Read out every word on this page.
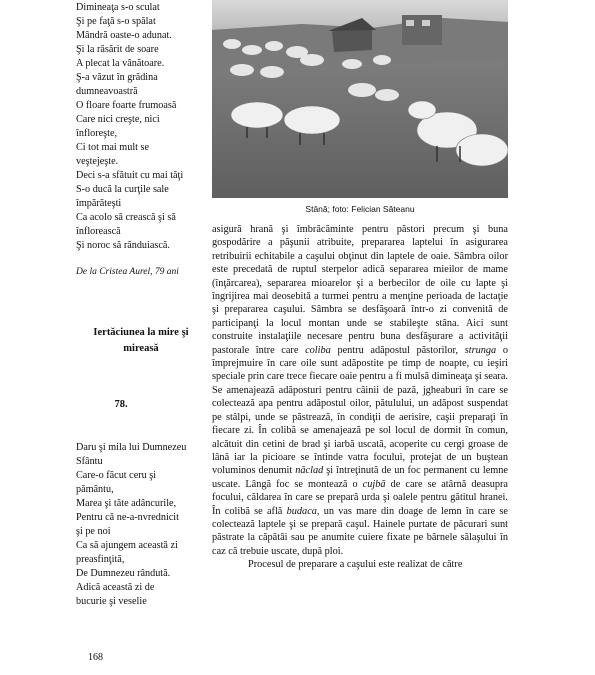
Dimineaţa s-o sculat
Şi pe faţă s-o spălat
Mândră oaste-o adunat.
Şi la răsărit de soare
A plecat la vânătoare.
Ş-a văzut în grădina
dumneavoastră
O floare foarte frumoasă
Care nici creşte, nici
înfloreşte,
Ci tot mai mult se
veştejeşte.
Deci s-a sfătuit cu mai tăţi
S-o ducă la curţile sale
împărăteşti
Ca acolo să crească şi să
înflorească
Şi noroc să rânduiască.
De la Cristea Aurel, 79 ani
Iertăciunea la mire şi mireasă
78.
Daru şi mila lui Dumnezeu
Sfântu
Care-o făcut ceru şi
pământu,
Marea şi tăte adâncurile,
Pentru că ne-a-nvrednicit
şi pe noi
Ca să ajungem această zi
preasfinţită,
De Dumnezeu rândută.
Adică această zi de
bucurie şi veselie
168
Stână; foto: Felician Săteanu

asigură hrană şi îmbrăcăminte pentru păstori precum şi buna gospodărire a păşunii atribuite, prepararea laptelui în asigurarea retribuirii echitabile a caşului obţinut din laptele de oaie. Sâmbra oilor este precedată de ruptul sterpelor adică separarea mieilor de mame (înţărcarea), separarea mioarelor şi a berbecilor de oile cu lapte şi îngrijirea mai deosebită a turmei pentru a menţine perioada de lactaţie şi prepararea caşului. Sâmbra se desfăşoară într-o zi convenită de participanţi la locul montan unde se stabileşte stâna. Aici sunt construite instalaţiile necesare pentru buna desfăşurare a activităţii pastorale între care coliba pentru adăpostul păstorilor, strunga o împrejmuire în care oile sunt adăpostite pe timp de noapte, cu ieşiri speciale prin care trece fiecare oaie pentru a fi mulsă dimineaţa şi seara. Se amenajează adăposturi pentru câinii de pază, jgheaburi în care se colectează apa pentru adăpostul oilor, pătulului, un adăpost suspendat pe stâlpi, unde se păstrează, în condiţii de aerisire, caşii preparaţi în fiecare zi. În colibă se amenajează pe sol locul de dormit în comun, alcătuit din cetini de brad şi iarbă uscată, acoperite cu cergi groase de lână iar la picioare se întinde vatra focului, protejat de un buştean voluminos denumit năclad şi întreţinută de un foc permanent cu lemne uscate. Lângă foc se montează o cujbă de care se atârnă deasupra focului, căldarea în care se prepară urda şi oalele pentru gătitul hranei. În colibă se află budaca, un vas mare din doage de lemn în care se colectează laptele şi se prepară caşul. Hainele purtate de păcurari sunt păstrate la căpătâi sau pe anumite cuiere fixate pe bârnele sălaşului în caz că trebuie uscate, după ploi.

Procesul de preparare a caşului este realizat de către
